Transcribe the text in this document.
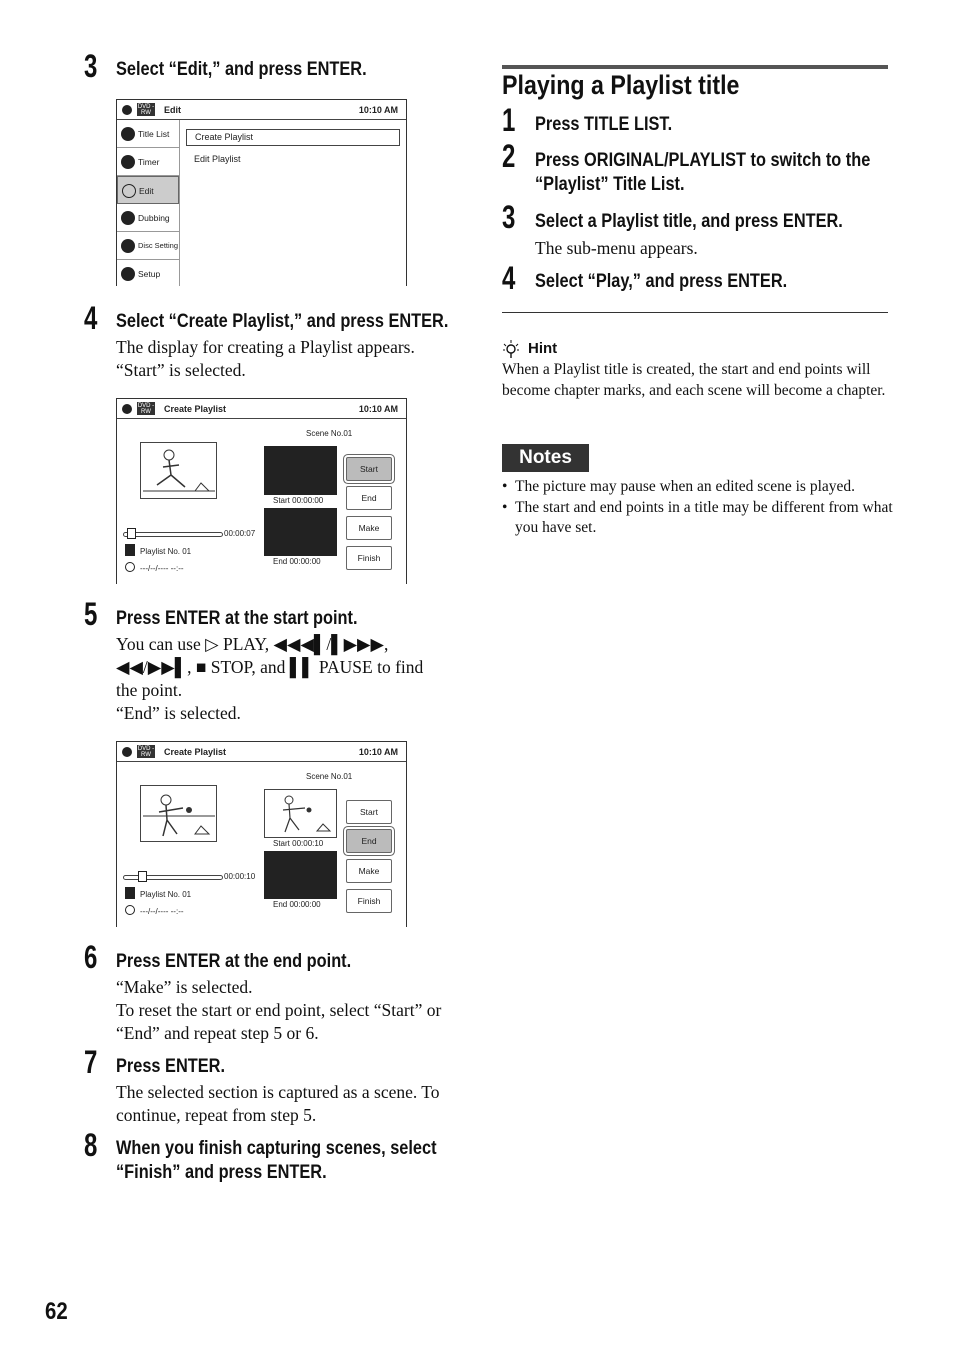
3 Select “Edit,” and press ENTER.
DVD -RW	Edit	10:10 AM
Title List
Timer
Edit
Dubbing
Disc Setting
Setup
Create Playlist
Edit Playlist
4 Select “Create Playlist,” and press ENTER.
The display for creating a Playlist appears. “Start” is selected.
DVD -RW	Create Playlist	10:10 AM
Scene No.01
Start 00:00:00
End 00:00:00
00:00:07
Playlist No. 01
---/--/---- --:--
Start
End
Make
Finish
5 Press ENTER at the start point.
You can use ▷ PLAY, ◀◀◀▌/▌▶▶▶,
◀◀/▶▶▌, ■ STOP, and ▌▌ PAUSE to find
the point.
“End” is selected.
DVD -RW	Create Playlist	10:10 AM
Scene No.01
Start 00:00:10
End 00:00:00
00:00:10
Playlist No. 01
---/--/---- --:--
Start
End
Make
Finish
6 Press ENTER at the end point.
“Make” is selected.
To reset the start or end point, select “Start” or “End” and repeat step 5 or 6.
7 Press ENTER.
The selected section is captured as a scene. To continue, repeat from step 5.
8 When you finish capturing scenes, select
“Finish” and press ENTER.
62
Playing a Playlist title
1 Press TITLE LIST.
2 Press ORIGINAL/PLAYLIST to switch to the
“Playlist” Title List.
3 Select a Playlist title, and press ENTER.
The sub-menu appears.
4 Select “Play,” and press ENTER.
Hint
When a Playlist title is created, the start and end points will become chapter marks, and each scene will become a chapter.
Notes
• The picture may pause when an edited scene is played.
• The start and end points in a title may be different from what you have set.
